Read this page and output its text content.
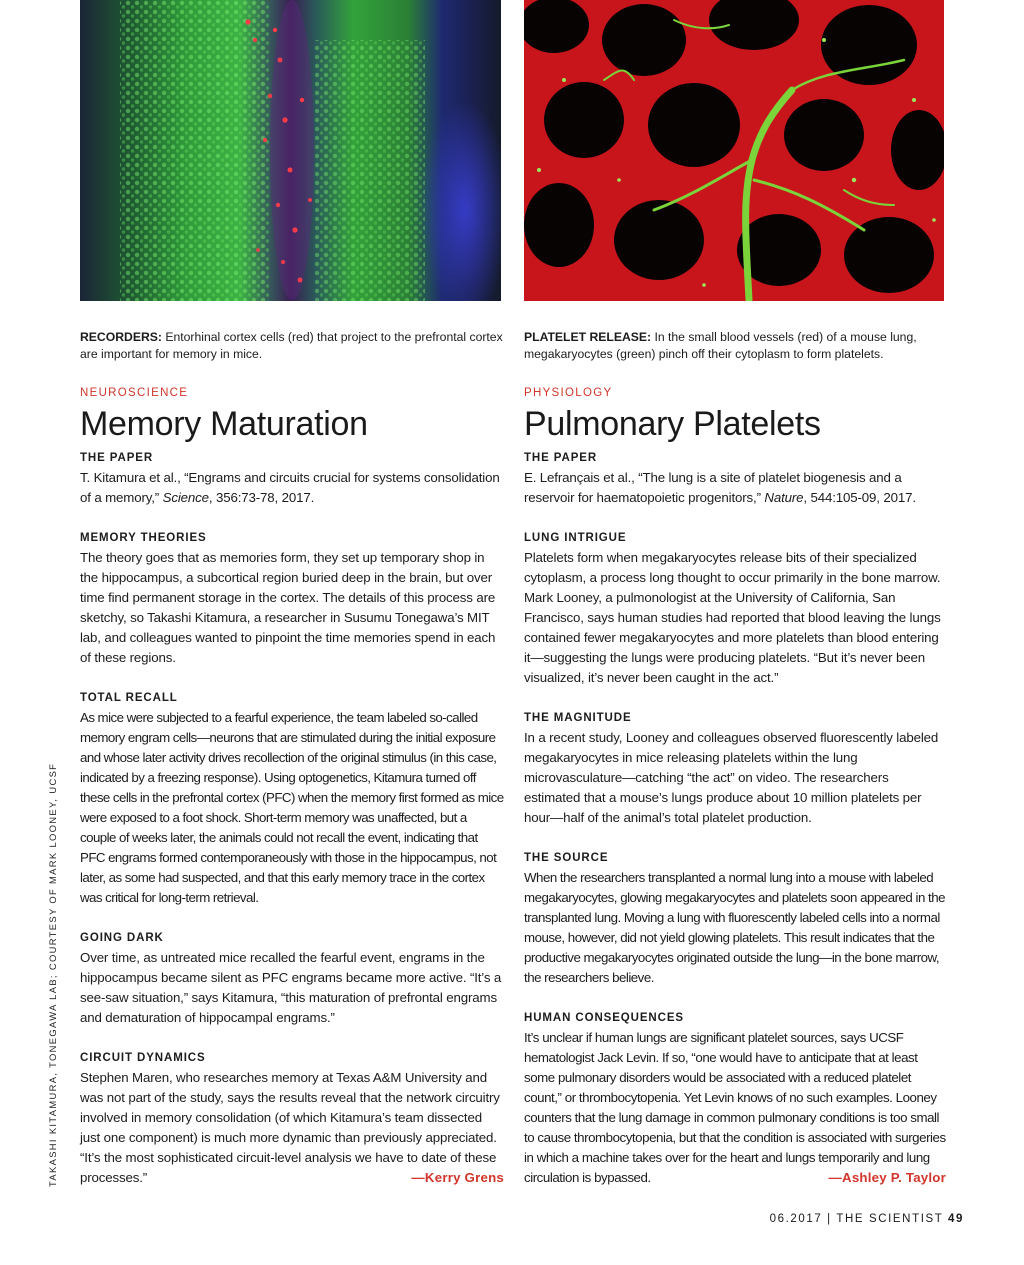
RECORDERS: Entorhinal cortex cells (red) that project to the prefrontal cortex are important for memory in mice.

NEUROSCIENCE
Memory Maturation
THE PAPER

T. Kitamura et al., “Engrams and circuits crucial for systems consolidation of a memory,” Science, 356:73-78, 2017.

MEMORY THEORIES

The theory goes that as memories form, they set up temporary shop in the hippocampus, a subcortical region buried deep in the brain, but over time find permanent storage in the cortex. The details of this process are sketchy, so Takashi Kitamura, a researcher in Susumu Tonegawa’s MIT lab, and colleagues wanted to pinpoint the time memories spend in each of these regions.

TOTAL RECALL

As mice were subjected to a fearful experience, the team labeled so-called memory engram cells—neurons that are stimulated during the initial exposure and whose later activity drives recollection of the original stimulus (in this case, indicated by a freezing response). Using optogenetics, Kitamura turned off these cells in the prefrontal cortex (PFC) when the memory first formed as mice were exposed to a foot shock. Short-term memory was unaffected, but a couple of weeks later, the animals could not recall the event, indicating that PFC engrams formed contemporaneously with those in the hippocampus, not later, as some had suspected, and that this early memory trace in the cortex was critical for long-term retrieval.

GOING DARK

Over time, as untreated mice recalled the fearful event, engrams in the hippocampus became silent as PFC engrams became more active. “It’s a see-saw situation,” says Kitamura, “this maturation of prefrontal engrams and dematuration of hippocampal engrams.”

CIRCUIT DYNAMICS

Stephen Maren, who researches memory at Texas A&M University and was not part of the study, says the results reveal that the network circuitry involved in memory consolidation (of which Kitamura’s team dissected just one component) is much more dynamic than previously appreciated. “It’s the most sophisticated circuit-level analysis we have to date of these processes.”	—Kerry Grens

PLATELET RELEASE: In the small blood vessels (red) of a mouse lung, megakaryocytes (green) pinch off their cytoplasm to form platelets.

PHYSIOLOGY
Pulmonary Platelets
THE PAPER

E. Lefrançais et al., “The lung is a site of platelet biogenesis and a reservoir for haematopoietic progenitors,” Nature, 544:105-09, 2017.

LUNG INTRIGUE

Platelets form when megakaryocytes release bits of their specialized cytoplasm, a process long thought to occur primarily in the bone marrow. Mark Looney, a pulmonologist at the University of California, San Francisco, says human studies had reported that blood leaving the lungs contained fewer megakaryocytes and more platelets than blood entering it—suggesting the lungs were producing platelets. “But it’s never been visualized, it’s never been caught in the act.”

THE MAGNITUDE

In a recent study, Looney and colleagues observed fluorescently labeled megakaryocytes in mice releasing platelets within the lung microvasculature—catching “the act” on video. The researchers estimated that a mouse’s lungs produce about 10 million platelets per hour—half of the animal’s total platelet production.

THE SOURCE

When the researchers transplanted a normal lung into a mouse with labeled megakaryocytes, glowing megakaryocytes and platelets soon appeared in the transplanted lung. Moving a lung with fluorescently labeled cells into a normal mouse, however, did not yield glowing platelets. This result indicates that the productive megakaryocytes originated outside the lung—in the bone marrow, the researchers believe.

HUMAN CONSEQUENCES

It’s unclear if human lungs are significant platelet sources, says UCSF hematologist Jack Levin. If so, “one would have to anticipate that at least some pulmonary disorders would be associated with a reduced platelet count,” or thrombocytopenia. Yet Levin knows of no such examples. Looney counters that the lung damage in common pulmonary conditions is too small to cause thrombocytopenia, but that the condition is associated with surgeries in which a machine takes over for the heart and lungs temporarily and lung circulation is bypassed.	—Ashley P. Taylor

TAKASHI KITAMURA, TONEGAWA LAB; COURTESY OF MARK LOONEY, UCSF
06.2017 | THE SCIENTIST 49
